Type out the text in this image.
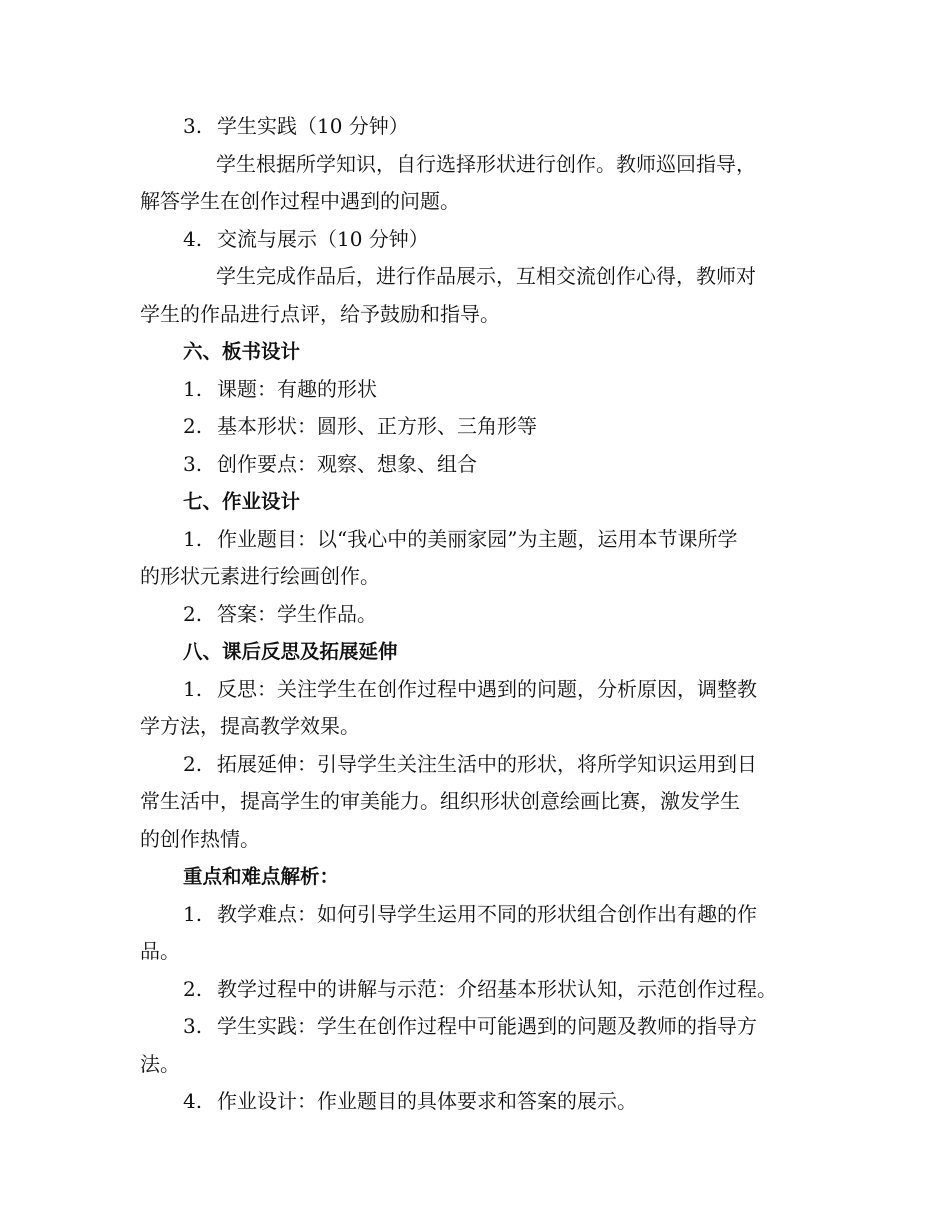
3. 学生实践（10 分钟）
学生根据所学知识，自行选择形状进行创作。教师巡回指导，
解答学生在创作过程中遇到的问题。
4. 交流与展示（10 分钟）
学生完成作品后，进行作品展示，互相交流创作心得，教师对
学生的作品进行点评，给予鼓励和指导。
六、板书设计
1. 课题：有趣的形状
2. 基本形状：圆形、正方形、三角形等
3. 创作要点：观察、想象、组合
七、作业设计
1. 作业题目：以“我心中的美丽家园”为主题，运用本节课所学
的形状元素进行绘画创作。
2. 答案：学生作品。
八、课后反思及拓展延伸
1. 反思：关注学生在创作过程中遇到的问题，分析原因，调整教
学方法，提高教学效果。
2. 拓展延伸：引导学生关注生活中的形状，将所学知识运用到日
常生活中，提高学生的审美能力。组织形状创意绘画比赛，激发学生
的创作热情。
重点和难点解析：
1. 教学难点：如何引导学生运用不同的形状组合创作出有趣的作
品。
2. 教学过程中的讲解与示范：介绍基本形状认知，示范创作过程。
3. 学生实践：学生在创作过程中可能遇到的问题及教师的指导方
法。
4. 作业设计：作业题目的具体要求和答案的展示。
